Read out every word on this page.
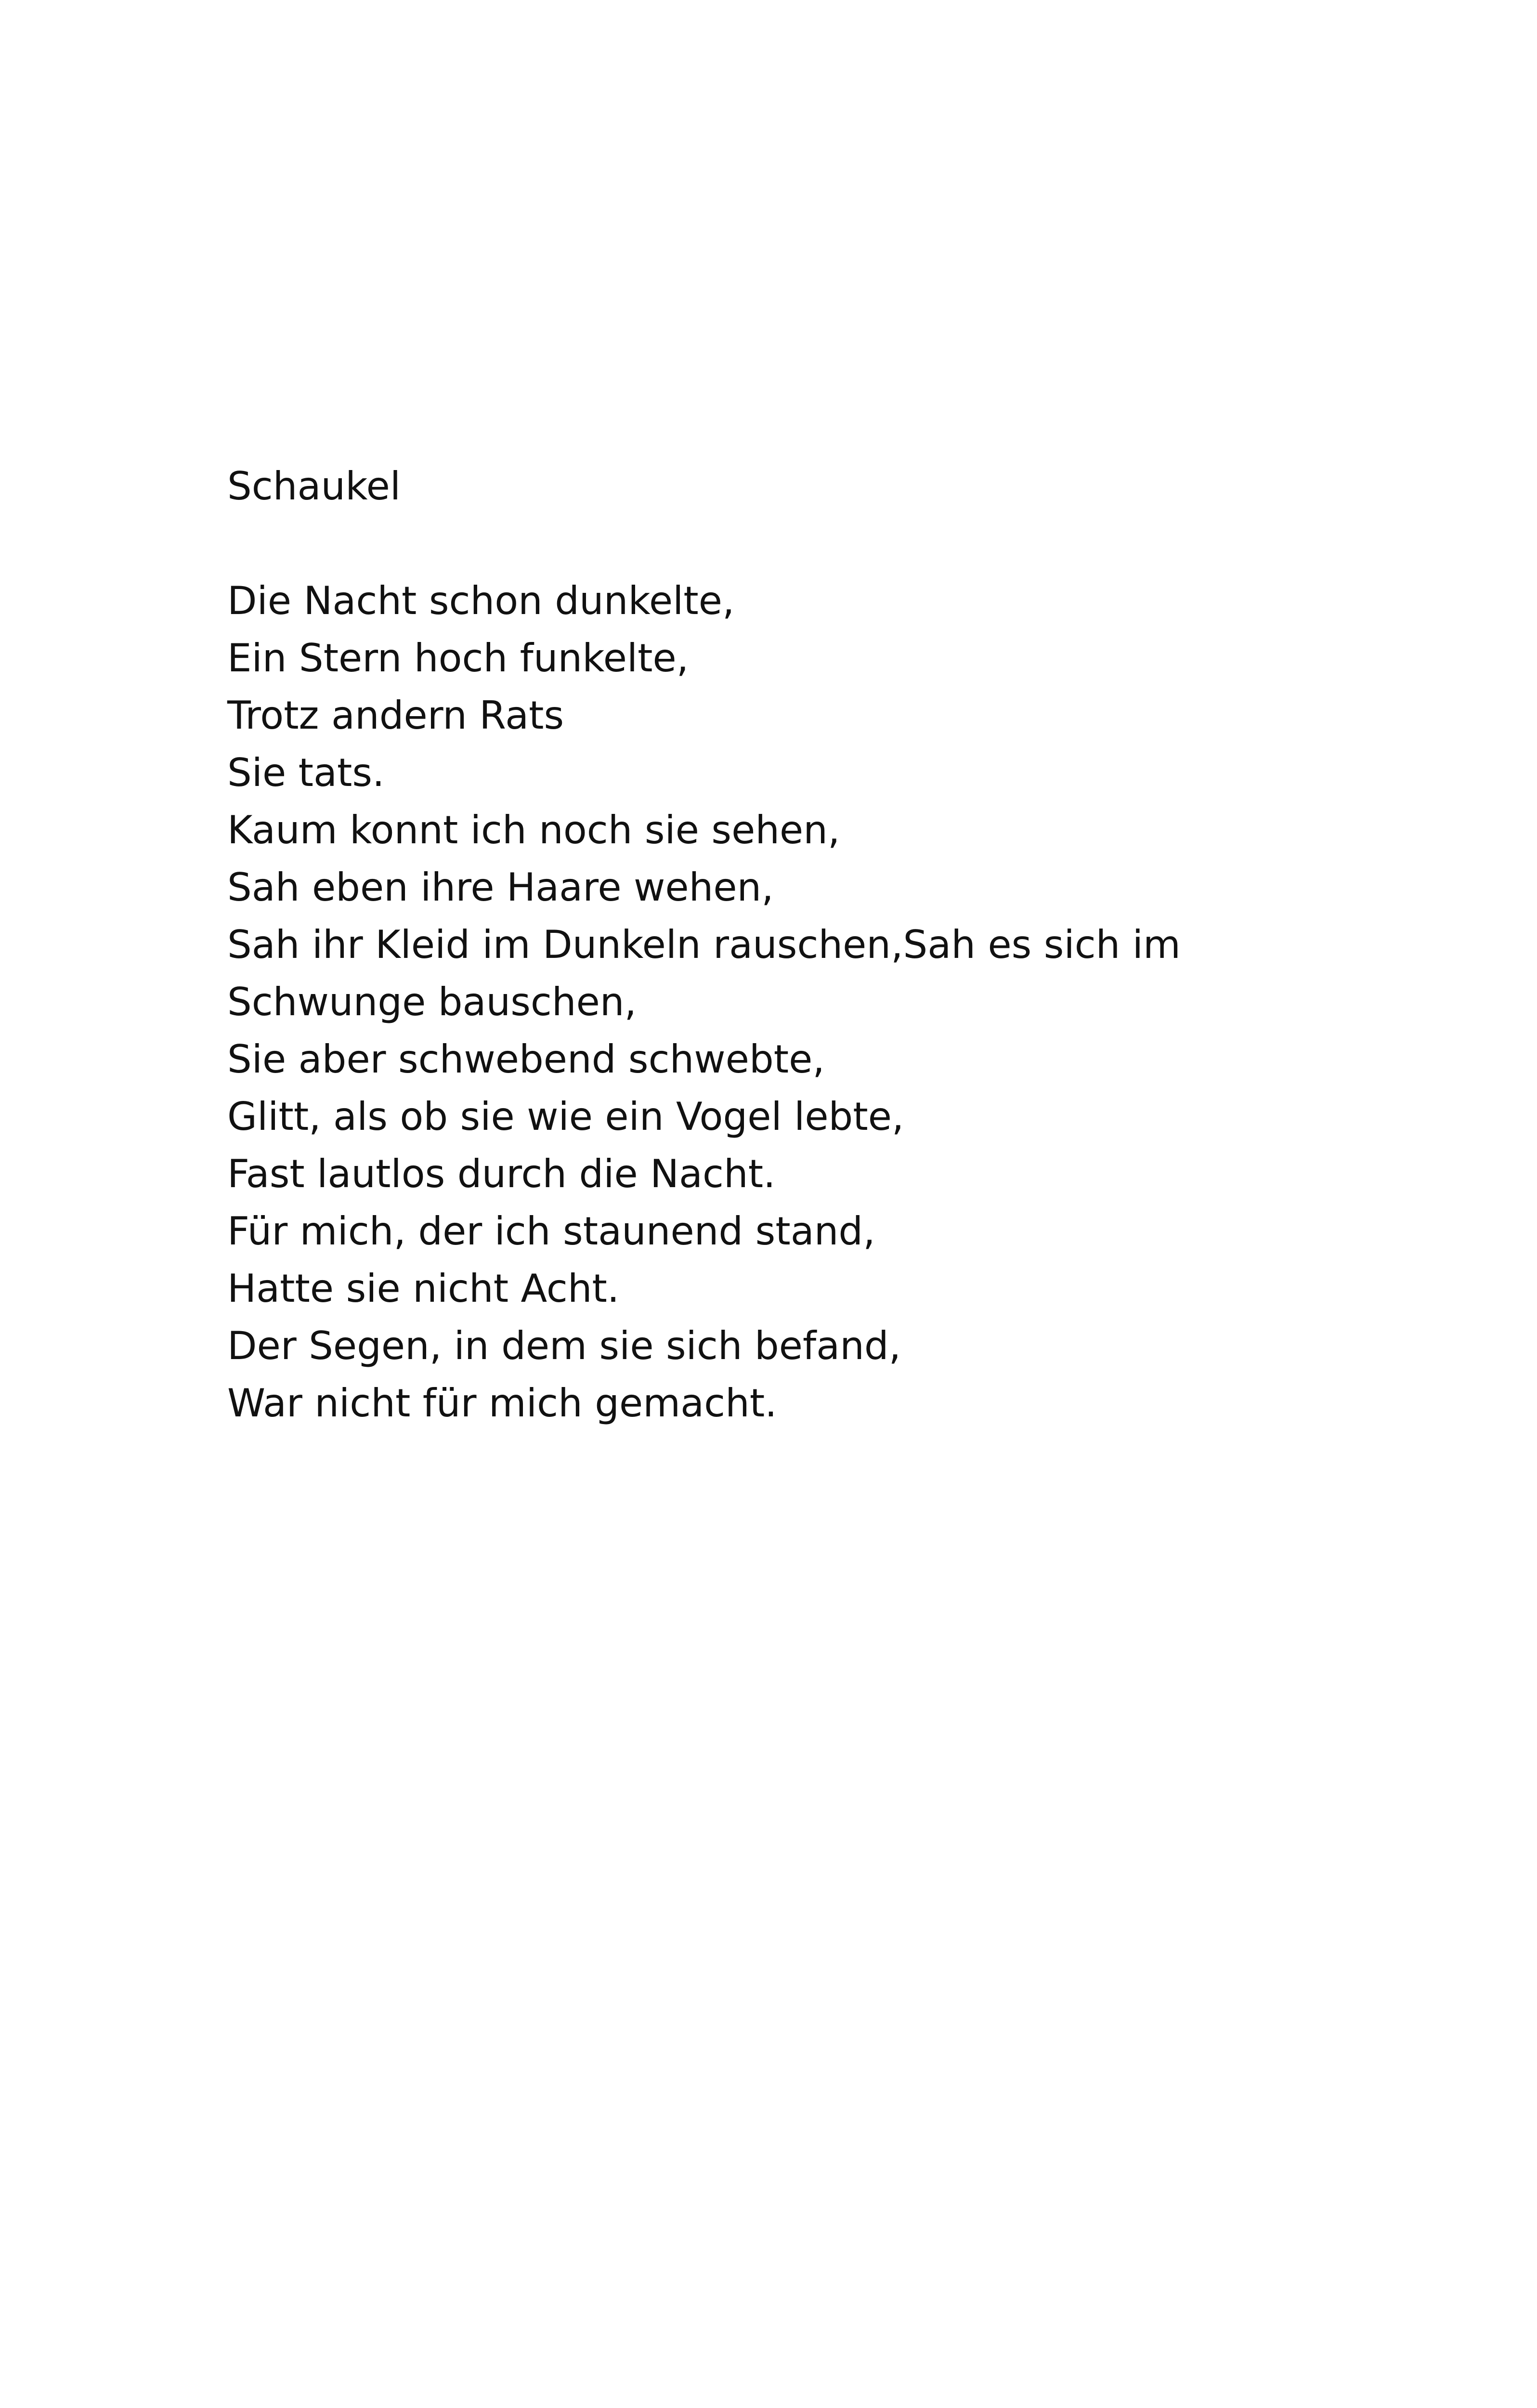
Schaukel
Die Nacht schon dunkelte,
Ein Stern hoch funkelte,
Trotz andern Rats
Sie tats.
Kaum konnt ich noch sie sehen,
Sah eben ihre Haare wehen,
Sah ihr Kleid im Dunkeln rauschen,Sah es sich im Schwunge bauschen,
Sie aber schwebend schwebte,
Glitt, als ob sie wie ein Vogel lebte,
Fast lautlos durch die Nacht.
Für mich, der ich staunend stand,
Hatte sie nicht Acht.
Der Segen, in dem sie sich befand,
War nicht für mich gemacht.
